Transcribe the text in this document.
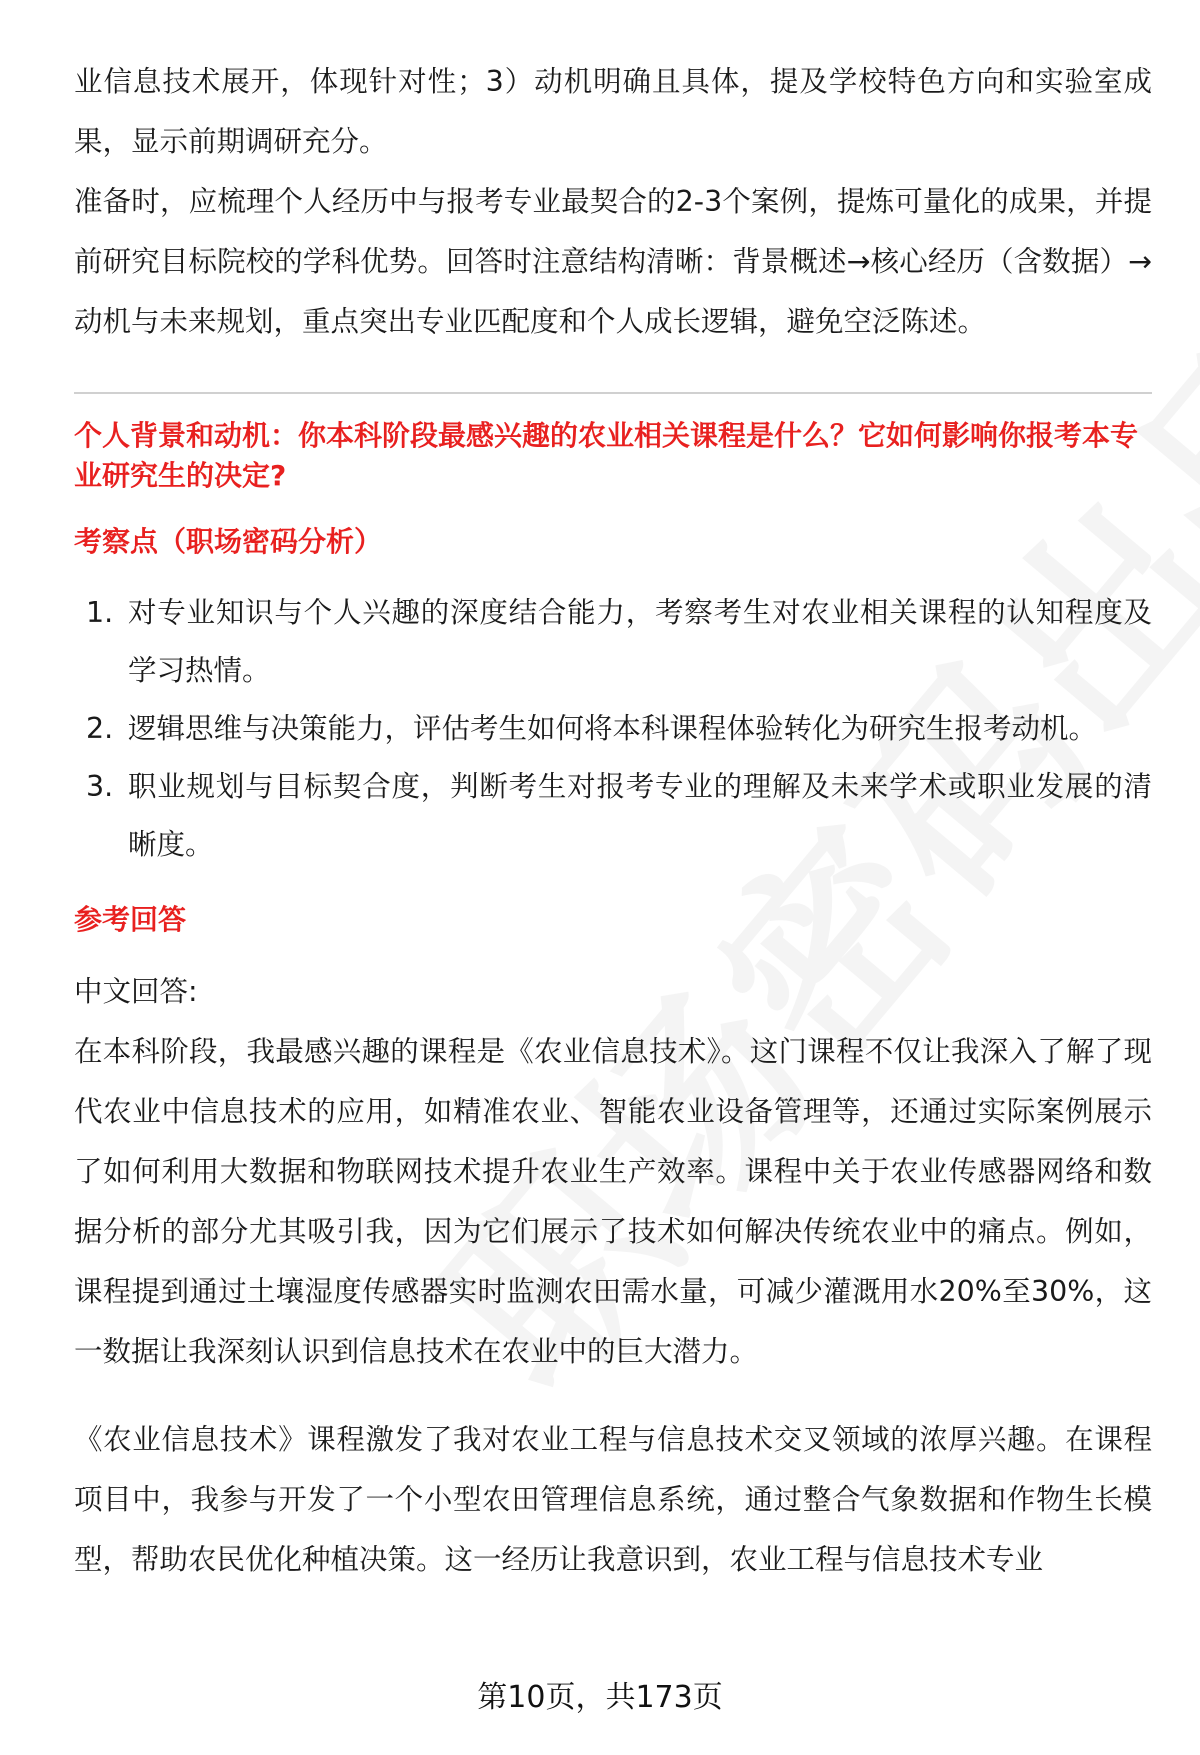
业信息技术展开，体现针对性；3）动机明确且具体，提及学校特色方向和实验室成果，显示前期调研充分。

准备时，应梳理个人经历中与报考专业最契合的2-3个案例，提炼可量化的成果，并提前研究目标院校的学科优势。回答时注意结构清晰：背景概述→核心经历（含数据）→动机与未来规划，重点突出专业匹配度和个人成长逻辑，避免空泛陈述。

个人背景和动机：你本科阶段最感兴趣的农业相关课程是什么？它如何影响你报考本专业研究生的决定?

考察点（职场密码分析）

1. 对专业知识与个人兴趣的深度结合能力，考察考生对农业相关课程的认知程度及学习热情。
2. 逻辑思维与决策能力，评估考生如何将本科课程体验转化为研究生报考动机。
3. 职业规划与目标契合度，判断考生对报考专业的理解及未来学术或职业发展的清晰度。

参考回答

中文回答:

在本科阶段，我最感兴趣的课程是《农业信息技术》。这门课程不仅让我深入了解了现代农业中信息技术的应用，如精准农业、智能农业设备管理等，还通过实际案例展示了如何利用大数据和物联网技术提升农业生产效率。课程中关于农业传感器网络和数据分析的部分尤其吸引我，因为它们展示了技术如何解决传统农业中的痛点。例如，课程提到通过土壤湿度传感器实时监测农田需水量，可减少灌溉用水20%至30%，这一数据让我深刻认识到信息技术在农业中的巨大潜力。

《农业信息技术》课程激发了我对农业工程与信息技术交叉领域的浓厚兴趣。在课程项目中，我参与开发了一个小型农田管理信息系统，通过整合气象数据和作物生长模型，帮助农民优化种植决策。这一经历让我意识到，农业工程与信息技术专业

第10页，共173页
